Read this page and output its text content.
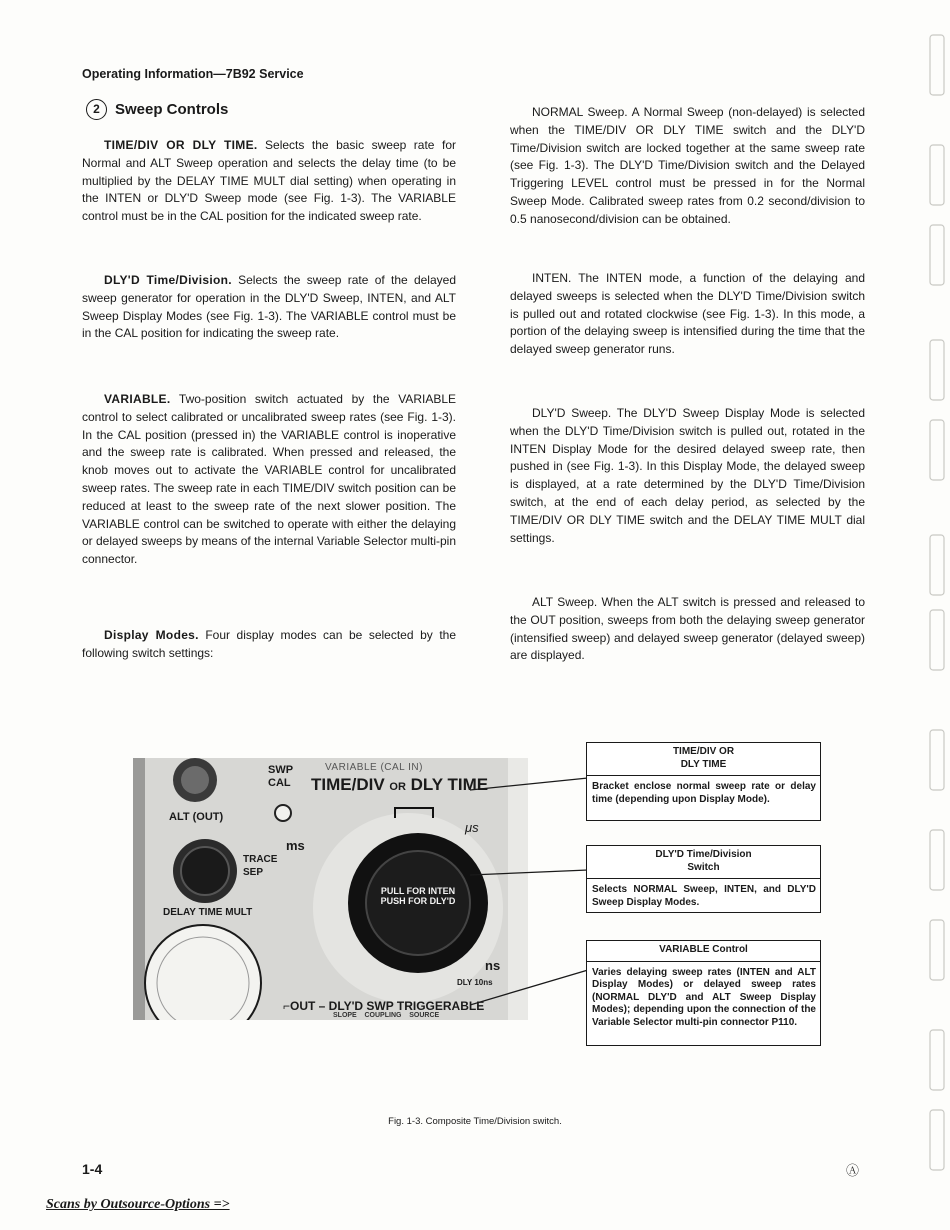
Operating Information—7B92 Service
2	Sweep Controls

TIME/DIV OR DLY TIME. Selects the basic sweep rate for Normal and ALT Sweep operation and selects the delay time (to be multiplied by the DELAY TIME MULT dial setting) when operating in the INTEN or DLY'D Sweep mode (see Fig. 1-3). The VARIABLE control must be in the CAL position for the indicated sweep rate.

DLY'D Time/Division. Selects the sweep rate of the delayed sweep generator for operation in the DLY'D Sweep, INTEN, and ALT Sweep Display Modes (see Fig. 1-3). The VARIABLE control must be in the CAL position for indicating the sweep rate.

VARIABLE. Two-position switch actuated by the VARIABLE control to select calibrated or uncalibrated sweep rates (see Fig. 1-3). In the CAL position (pressed in) the VARIABLE control is inoperative and the sweep rate is calibrated. When pressed and released, the knob moves out to activate the VARIABLE control for uncalibrated sweep rates. The sweep rate in each TIME/DIV switch position can be reduced at least to the sweep rate of the next slower position. The VARIABLE control can be switched to operate with either the delaying or delayed sweeps by means of the internal Variable Selector multi-pin connector.

Display Modes. Four display modes can be selected by the following switch settings:

NORMAL Sweep. A Normal Sweep (non-delayed) is selected when the TIME/DIV OR DLY TIME switch and the DLY'D Time/Division switch are locked together at the same sweep rate (see Fig. 1-3). The DLY'D Time/Division switch and the Delayed Triggering LEVEL control must be pressed in for the Normal Sweep Mode. Calibrated sweep rates from 0.2 second/division to 0.5 nanosecond/division can be obtained.

INTEN. The INTEN mode, a function of the delaying and delayed sweeps is selected when the DLY'D Time/Division switch is pulled out and rotated clockwise (see Fig. 1-3). In this mode, a portion of the delaying sweep is intensified during the time that the delayed sweep generator runs.

DLY'D Sweep. The DLY'D Sweep Display Mode is selected when the DLY'D Time/Division switch is pulled out, rotated in the INTEN Display Mode for the desired delayed sweep rate, then pushed in (see Fig. 1-3). In this Display Mode, the delayed sweep is displayed, at a rate determined by the DLY'D Time/Division switch, at the end of each delay period, as selected by the TIME/DIV OR DLY TIME switch and the DELAY TIME MULT dial settings.

ALT Sweep. When the ALT switch is pressed and released to the OUT position, sweeps from both the delaying sweep generator (intensified sweep) and delayed sweep generator (delayed sweep) are displayed.

SWP
CAL
VARIABLE (CAL IN)
TIME/DIV OR DLY TIME
ALT (OUT)
TRACE
SEP
DELAY TIME MULT
ms
μs
ns
DLY 10ns
PULL FOR INTEN PUSH FOR DLY'D
⌐OUT – DLY'D SWP TRIGGERABLE
SLOPE    COUPLING    SOURCE
TIME/DIV OR
DLY TIME
Bracket enclose normal sweep rate or delay time (depending upon Display Mode).
DLY'D Time/Division
Switch
Selects NORMAL Sweep, INTEN, and DLY'D Sweep Display Modes.
VARIABLE Control
Varies delaying sweep rates (INTEN and ALT Display Modes) or delayed sweep rates (NORMAL DLY'D and ALT Sweep Display Modes); depending upon the connection of the Variable Selector multi-pin connector P110.
Fig. 1-3. Composite Time/Division switch.
1-4	Ⓐ
Scans by Outsource-Options =>
